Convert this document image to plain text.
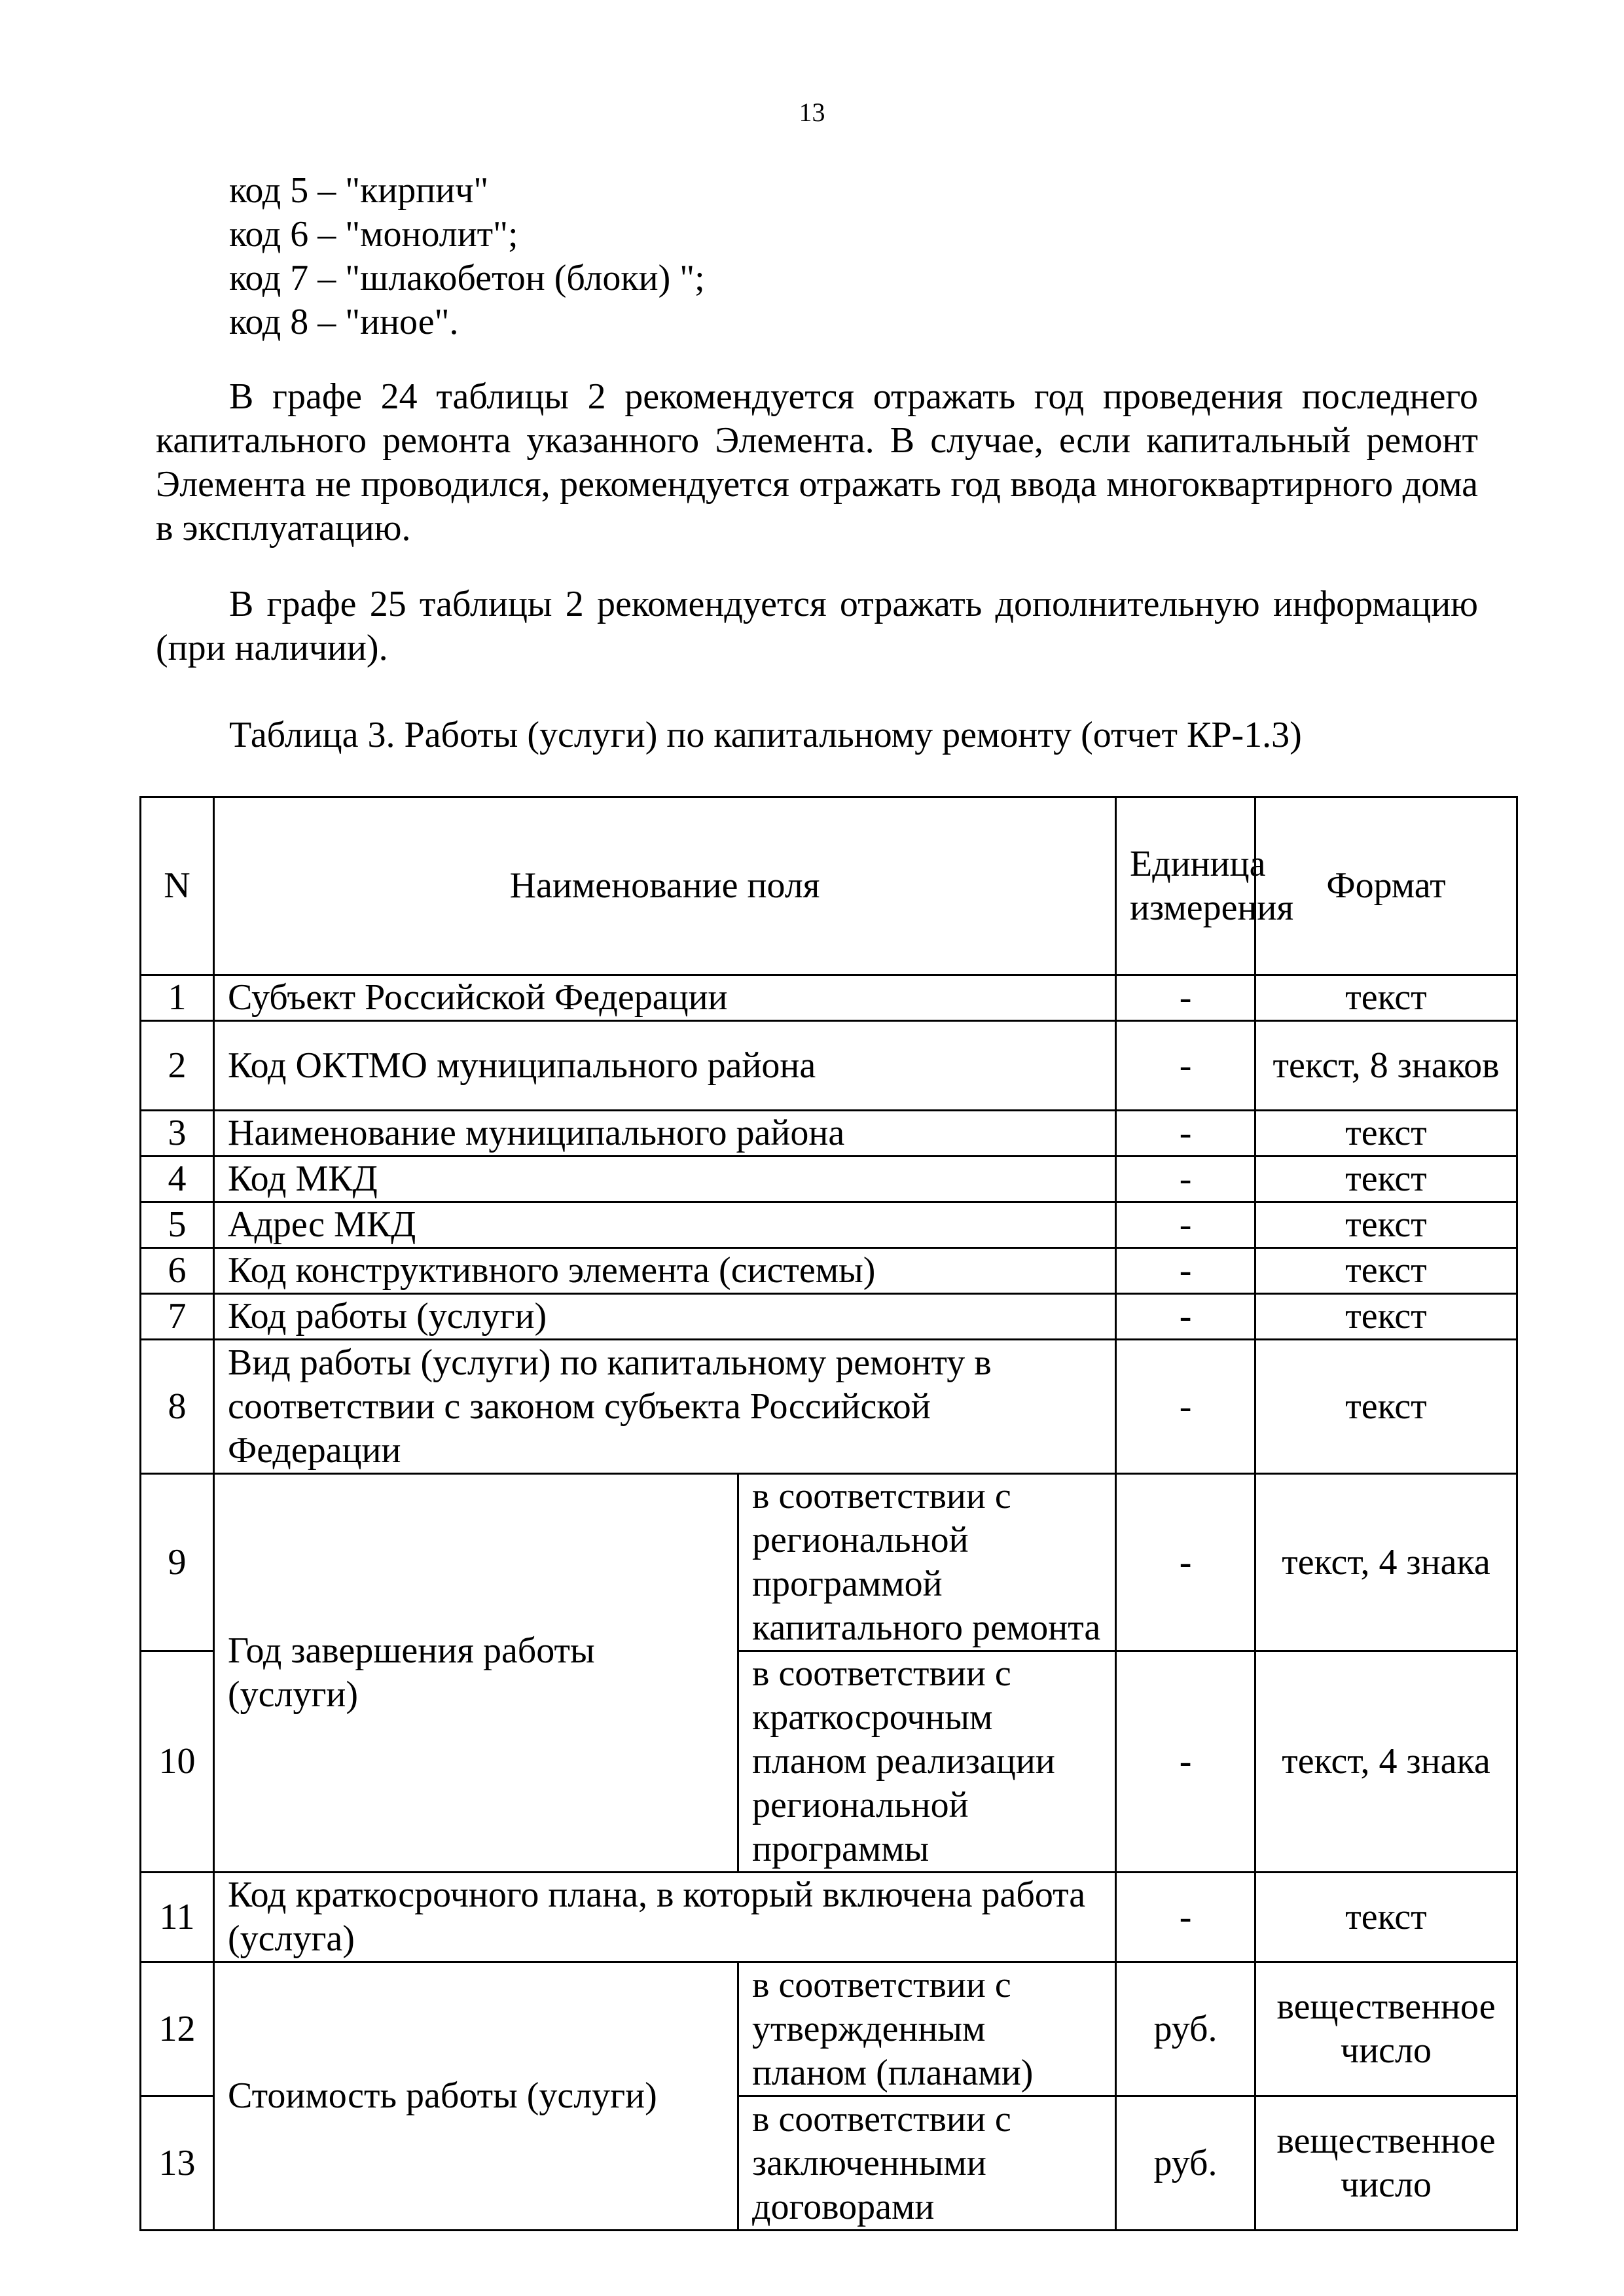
13
код 5 – "кирпич"
код 6 – "монолит";
код 7 – "шлакобетон (блоки) ";
код 8 – "иное".

В графе 24 таблицы 2 рекомендуется отражать год проведения последнего капитального ремонта указанного Элемента. В случае, если капитальный ремонт Элемента не проводился, рекомендуется отражать год ввода многоквартирного дома в эксплуатацию.

В графе 25 таблицы 2 рекомендуется отражать дополнительную информацию (при наличии).

Таблица 3. Работы (услуги) по капитальному ремонту (отчет КР-1.3)
N	Наименование поля		Единица измерения	Формат
1	Субъект Российской Федерации		-	текст
2	Код ОКТМО муниципального района		-	текст, 8 знаков
3	Наименование муниципального района		-	текст
4	Код МКД		-	текст
5	Адрес МКД		-	текст
6	Код конструктивного элемента (системы)		-	текст
7	Код работы (услуги)		-	текст
8	Вид работы (услуги) по капитальному ремонту в соответствии с законом субъекта Российской Федерации		-	текст
9	Год завершения работы (услуги)	в соответствии с региональной программой капитального ремонта	-	текст, 4 знака
10		в соответствии с краткосрочным планом реализации региональной программы	-	текст, 4 знака
11	Код краткосрочного плана, в который включена работа (услуга)		-	текст
12	Стоимость работы (услуги)	в соответствии с утвержденным планом (планами)	руб.	вещественное число
13		в соответствии с заключенными договорами	руб.	вещественное число
